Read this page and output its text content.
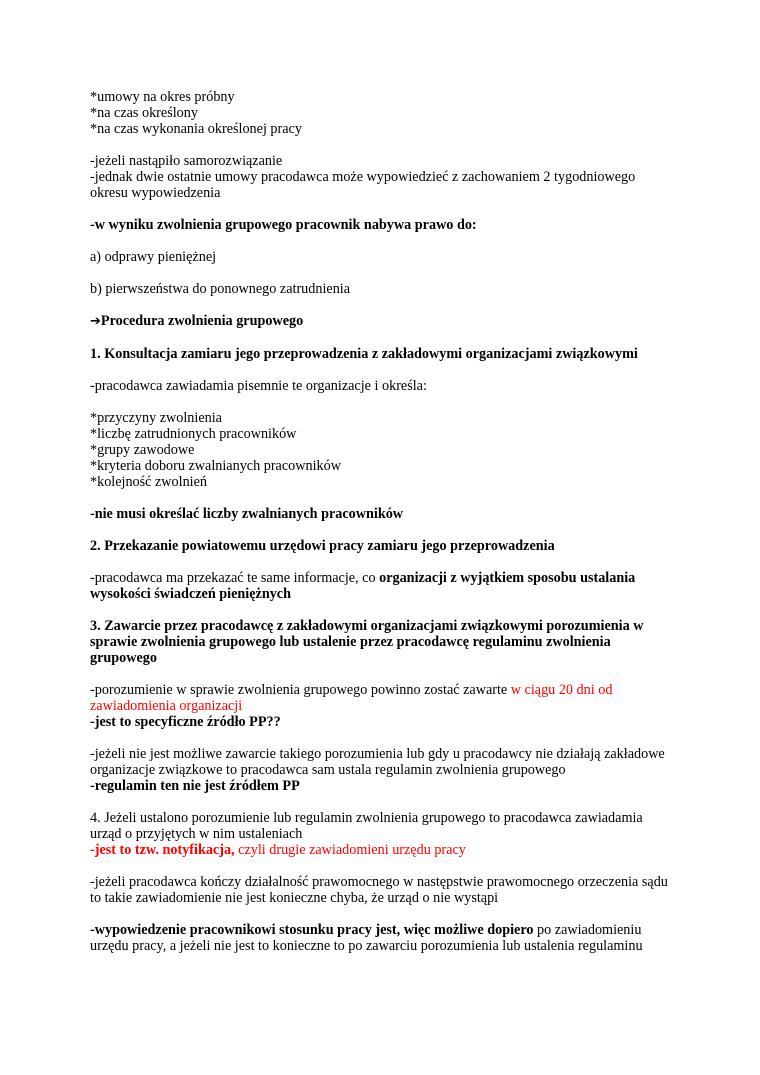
*umowy na okres próbny
*na czas określony
*na czas wykonania określonej pracy
-jeżeli nastąpiło samorozwiązanie
-jednak dwie ostatnie umowy pracodawca może wypowiedzieć z zachowaniem 2 tygodniowego
okresu wypowiedzenia
-w wyniku zwolnienia grupowego pracownik nabywa prawo do:
a) odprawy pieniężnej
b) pierwszeństwa do ponownego zatrudnienia
➔Procedura zwolnienia grupowego
1. Konsultacja zamiaru jego przeprowadzenia z zakładowymi organizacjami związkowymi
-pracodawca zawiadamia pisemnie te organizacje i określa:
*przyczyny zwolnienia
*liczbę zatrudnionych pracowników
*grupy zawodowe
*kryteria doboru zwalnianych pracowników
*kolejność zwolnień
-nie musi określać liczby zwalnianych pracowników
2. Przekazanie powiatowemu urzędowi pracy zamiaru jego przeprowadzenia
-pracodawca ma przekazać te same informacje, co organizacji z wyjątkiem sposobu ustalania
wysokości świadczeń pieniężnych
3. Zawarcie przez pracodawcę z zakładowymi organizacjami związkowymi porozumienia w
sprawie zwolnienia grupowego lub ustalenie przez pracodawcę regulaminu zwolnienia
grupowego
-porozumienie w sprawie zwolnienia grupowego powinno zostać zawarte w ciągu 20 dni od
zawiadomienia organizacji
-jest to specyficzne źródło PP??
-jeżeli nie jest możliwe zawarcie takiego porozumienia lub gdy u pracodawcy nie działają zakładowe
organizacje związkowe to pracodawca sam ustala regulamin zwolnienia grupowego
-regulamin ten nie jest źródłem PP
4. Jeżeli ustalono porozumienie lub regulamin zwolnienia grupowego to pracodawca zawiadamia
urząd o przyjętych w nim ustaleniach
-jest to tzw. notyfikacja, czyli drugie zawiadomieni urzędu pracy
-jeżeli pracodawca kończy działalność prawomocnego w następstwie prawomocnego orzeczenia sądu
to takie zawiadomienie nie jest konieczne chyba, że urząd o nie wystąpi
-wypowiedzenie pracownikowi stosunku pracy jest, więc możliwe dopiero po zawiadomieniu
urzędu pracy, a jeżeli nie jest to konieczne to po zawarciu porozumienia lub ustalenia regulaminu
